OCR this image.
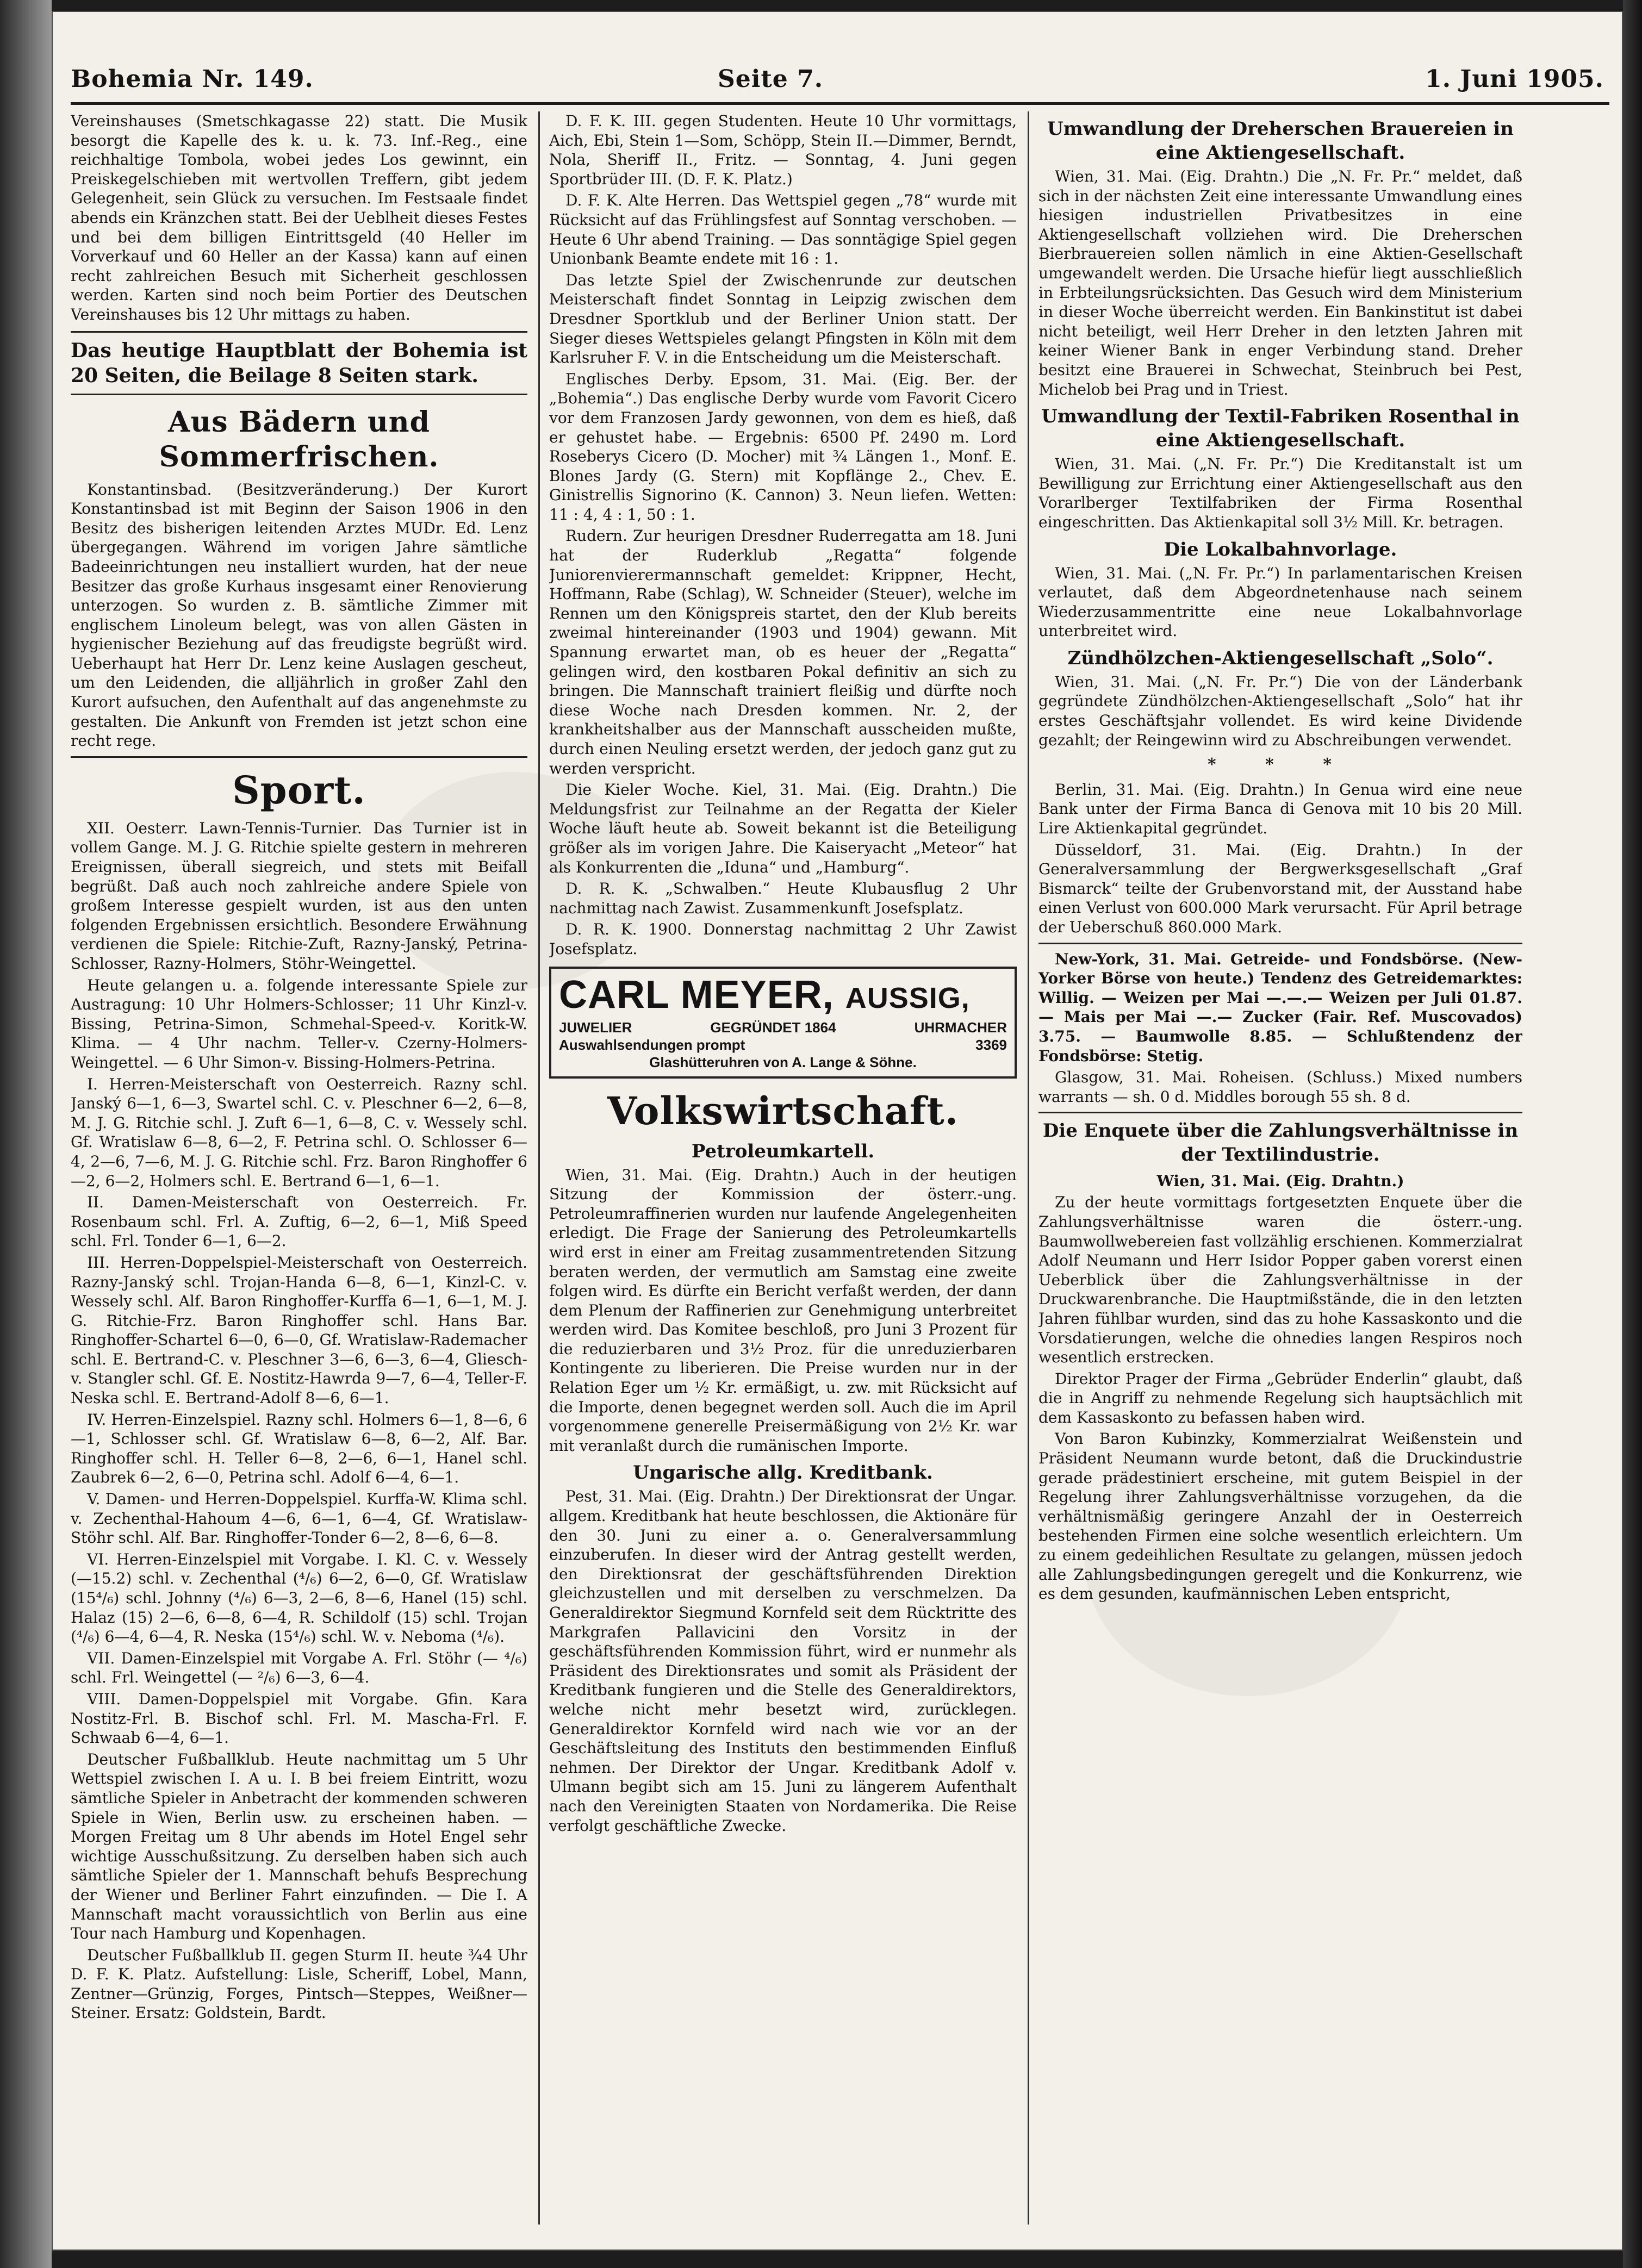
Bohemia Nr. 149.	Seite 7.	1. Juni 1905.

Vereinshauses (Smetschkagasse 22) statt. Die Musik besorgt die Kapelle des k. u. k. 73. Inf.-Reg., eine reichhaltige Tombola, wobei jedes Los gewinnt, ein Preiskegelschieben mit wertvollen Treffern, gibt jedem Gelegenheit, sein Glück zu versuchen. Im Festsaale findet abends ein Kränzchen statt. Bei der Ueblheit dieses Festes und bei dem billigen Eintrittsgeld (40 Heller im Vorverkauf und 60 Heller an der Kassa) kann auf einen recht zahlreichen Besuch mit Sicherheit geschlossen werden. Karten sind noch beim Portier des Deutschen Vereinshauses bis 12 Uhr mittags zu haben.

Das heutige Hauptblatt der Bohemia ist 20 Seiten, die Beilage 8 Seiten stark.
Aus Bädern und Sommerfrischen.

Konstantinsbad. (Besitzveränderung.) Der Kurort Konstantinsbad ist mit Beginn der Saison 1906 in den Besitz des bisherigen leitenden Arztes MUDr. Ed. Lenz übergegangen. Während im vorigen Jahre sämtliche Badeeinrichtungen neu installiert wurden, hat der neue Besitzer das große Kurhaus insgesamt einer Renovierung unterzogen. So wurden z. B. sämtliche Zimmer mit englischem Linoleum belegt, was von allen Gästen in hygienischer Beziehung auf das freudigste begrüßt wird. Ueberhaupt hat Herr Dr. Lenz keine Auslagen gescheut, um den Leidenden, die alljährlich in großer Zahl den Kurort aufsuchen, den Aufenthalt auf das angenehmste zu gestalten. Die Ankunft von Fremden ist jetzt schon eine recht rege.

Sport.

XII. Oesterr. Lawn-Tennis-Turnier. Das Turnier ist in vollem Gange. M. J. G. Ritchie spielte gestern in mehreren Ereignissen, überall siegreich, und stets mit Beifall begrüßt. Daß auch noch zahlreiche andere Spiele von großem Interesse gespielt wurden, ist aus den unten folgenden Ergebnissen ersichtlich. Besondere Erwähnung verdienen die Spiele: Ritchie-Zuft, Razny-Janský, Petrina-Schlosser, Razny-Holmers, Stöhr-Weingettel.

Heute gelangen u. a. folgende interessante Spiele zur Austragung: 10 Uhr Holmers-Schlosser; 11 Uhr Kinzl-v. Bissing, Petrina-Simon, Schmehal-Speed-v. Koritk-W. Klima. — 4 Uhr nachm. Teller-v. Czerny-Holmers-Weingettel. — 6 Uhr Simon-v. Bissing-Holmers-Petrina.

I. Herren-Meisterschaft von Oesterreich. Razny schl. Janský 6—1, 6—3, Swartel schl. C. v. Pleschner 6—2, 6—8, M. J. G. Ritchie schl. J. Zuft 6—1, 6—8, C. v. Wessely schl. Gf. Wratislaw 6—8, 6—2, F. Petrina schl. O. Schlosser 6—4, 2—6, 7—6, M. J. G. Ritchie schl. Frz. Baron Ringhoffer 6—2, 6—2, Holmers schl. E. Bertrand 6—1, 6—1.

II. Damen-Meisterschaft von Oesterreich. Fr. Rosenbaum schl. Frl. A. Zuftig, 6—2, 6—1, Miß Speed schl. Frl. Tonder 6—1, 6—2.

III. Herren-Doppelspiel-Meisterschaft von Oesterreich. Razny-Janský schl. Trojan-Handa 6—8, 6—1, Kinzl-C. v. Wessely schl. Alf. Baron Ringhoffer-Kurffa 6—1, 6—1, M. J. G. Ritchie-Frz. Baron Ringhoffer schl. Hans Bar. Ringhoffer-Schartel 6—0, 6—0, Gf. Wratislaw-Rademacher schl. E. Bertrand-C. v. Pleschner 3—6, 6—3, 6—4, Gliesch-v. Stangler schl. Gf. E. Nostitz-Hawrda 9—7, 6—4, Teller-F. Neska schl. E. Bertrand-Adolf 8—6, 6—1.

IV. Herren-Einzelspiel. Razny schl. Holmers 6—1, 8—6, 6—1, Schlosser schl. Gf. Wratislaw 6—8, 6—2, Alf. Bar. Ringhoffer schl. H. Teller 6—8, 2—6, 6—1, Hanel schl. Zaubrek 6—2, 6—0, Petrina schl. Adolf 6—4, 6—1.

V. Damen- und Herren-Doppelspiel. Kurffa-W. Klima schl. v. Zechenthal-Hahoum 4—6, 6—1, 6—4, Gf. Wratislaw-Stöhr schl. Alf. Bar. Ringhoffer-Tonder 6—2, 8—6, 6—8.

VI. Herren-Einzelspiel mit Vorgabe. I. Kl. C. v. Wessely (—15.2) schl. v. Zechenthal (⁴/₆) 6—2, 6—0, Gf. Wratislaw (15⁴/₆) schl. Johnny (⁴/₆) 6—3, 2—6, 8—6, Hanel (15) schl. Halaz (15) 2—6, 6—8, 6—4, R. Schildolf (15) schl. Trojan (⁴/₆) 6—4, 6—4, R. Neska (15⁴/₆) schl. W. v. Neboma (⁴/₆).

VII. Damen-Einzelspiel mit Vorgabe A. Frl. Stöhr (— ⁴/₆) schl. Frl. Weingettel (— ²/₆) 6—3, 6—4.

VIII. Damen-Doppelspiel mit Vorgabe. Gfin. Kara Nostitz-Frl. B. Bischof schl. Frl. M. Mascha-Frl. F. Schwaab 6—4, 6—1.

Deutscher Fußballklub. Heute nachmittag um 5 Uhr Wettspiel zwischen I. A u. I. B bei freiem Eintritt, wozu sämtliche Spieler in Anbetracht der kommenden schweren Spiele in Wien, Berlin usw. zu erscheinen haben. — Morgen Freitag um 8 Uhr abends im Hotel Engel sehr wichtige Ausschußsitzung. Zu derselben haben sich auch sämtliche Spieler der 1. Mannschaft behufs Besprechung der Wiener und Berliner Fahrt einzufinden. — Die I. A Mannschaft macht voraussichtlich von Berlin aus eine Tour nach Hamburg und Kopenhagen.

Deutscher Fußballklub II. gegen Sturm II. heute ¾4 Uhr D. F. K. Platz. Aufstellung: Lisle, Scheriff, Lobel, Mann, Zentner—Grünzig, Forges, Pintsch—Steppes, Weißner—Steiner. Ersatz: Goldstein, Bardt.

D. F. K. III. gegen Studenten. Heute 10 Uhr vormittags, Aich, Ebi, Stein 1—Som, Schöpp, Stein II.—Dimmer, Berndt, Nola, Sheriff II., Fritz. — Sonntag, 4. Juni gegen Sportbrüder III. (D. F. K. Platz.)

D. F. K. Alte Herren. Das Wettspiel gegen „78“ wurde mit Rücksicht auf das Frühlingsfest auf Sonntag verschoben. — Heute 6 Uhr abend Training. — Das sonntägige Spiel gegen Unionbank Beamte endete mit 16 : 1.

Das letzte Spiel der Zwischenrunde zur deutschen Meisterschaft findet Sonntag in Leipzig zwischen dem Dresdner Sportklub und der Berliner Union statt. Der Sieger dieses Wettspieles gelangt Pfingsten in Köln mit dem Karlsruher F. V. in die Entscheidung um die Meisterschaft.

Englisches Derby. Epsom, 31. Mai. (Eig. Ber. der „Bohemia“.) Das englische Derby wurde vom Favorit Cicero vor dem Franzosen Jardy gewonnen, von dem es hieß, daß er gehustet habe. — Ergebnis: 6500 Pf. 2490 m. Lord Roseberys Cicero (D. Mocher) mit ¾ Längen 1., Monf. E. Blones Jardy (G. Stern) mit Kopflänge 2., Chev. E. Ginistrellis Signorino (K. Cannon) 3. Neun liefen. Wetten: 11 : 4, 4 : 1, 50 : 1.

Rudern. Zur heurigen Dresdner Ruderregatta am 18. Juni hat der Ruderklub „Regatta“ folgende Juniorenvierermannschaft gemeldet: Krippner, Hecht, Hoffmann, Rabe (Schlag), W. Schneider (Steuer), welche im Rennen um den Königspreis startet, den der Klub bereits zweimal hintereinander (1903 und 1904) gewann. Mit Spannung erwartet man, ob es heuer der „Regatta“ gelingen wird, den kostbaren Pokal definitiv an sich zu bringen. Die Mannschaft trainiert fleißig und dürfte noch diese Woche nach Dresden kommen. Nr. 2, der krankheitshalber aus der Mannschaft ausscheiden mußte, durch einen Neuling ersetzt werden, der jedoch ganz gut zu werden verspricht.

Die Kieler Woche. Kiel, 31. Mai. (Eig. Drahtn.) Die Meldungsfrist zur Teilnahme an der Regatta der Kieler Woche läuft heute ab. Soweit bekannt ist die Beteiligung größer als im vorigen Jahre. Die Kaiseryacht „Meteor“ hat als Konkurrenten die „Iduna“ und „Hamburg“.

D. R. K. „Schwalben.“ Heute Klubausflug 2 Uhr nachmittag nach Zawist. Zusammenkunft Josefsplatz.

D. R. K. 1900. Donnerstag nachmittag 2 Uhr Zawist Josefsplatz.

CARL MEYER, AUSSIG,
JUWELIER	GEGRÜNDET 1864	UHRMACHER
Auswahlsendungen prompt	3369
Glashütteruhren von A. Lange & Söhne.
Volkswirtschaft.
Petroleumkartell.

Wien, 31. Mai. (Eig. Drahtn.) Auch in der heutigen Sitzung der Kommission der österr.-ung. Petroleumraffinerien wurden nur laufende Angelegenheiten erledigt. Die Frage der Sanierung des Petroleumkartells wird erst in einer am Freitag zusammentretenden Sitzung beraten werden, der vermutlich am Samstag eine zweite folgen wird. Es dürfte ein Bericht verfaßt werden, der dann dem Plenum der Raffinerien zur Genehmigung unterbreitet werden wird. Das Komitee beschloß, pro Juni 3 Prozent für die reduzierbaren und 3½ Proz. für die unreduzierbaren Kontingente zu liberieren. Die Preise wurden nur in der Relation Eger um ½ Kr. ermäßigt, u. zw. mit Rücksicht auf die Importe, denen begegnet werden soll. Auch die im April vorgenommene generelle Preisermäßigung von 2½ Kr. war mit veranlaßt durch die rumänischen Importe.

Ungarische allg. Kreditbank.

Pest, 31. Mai. (Eig. Drahtn.) Der Direktionsrat der Ungar. allgem. Kreditbank hat heute beschlossen, die Aktionäre für den 30. Juni zu einer a. o. Generalversammlung einzuberufen. In dieser wird der Antrag gestellt werden, den Direktionsrat der geschäftsführenden Direktion gleichzustellen und mit derselben zu verschmelzen. Da Generaldirektor Siegmund Kornfeld seit dem Rücktritte des Markgrafen Pallavicini den Vorsitz in der geschäftsführenden Kommission führt, wird er nunmehr als Präsident des Direktionsrates und somit als Präsident der Kreditbank fungieren und die Stelle des Generaldirektors, welche nicht mehr besetzt wird, zurücklegen. Generaldirektor Kornfeld wird nach wie vor an der Geschäftsleitung des Instituts den bestimmenden Einfluß nehmen. Der Direktor der Ungar. Kreditbank Adolf v. Ulmann begibt sich am 15. Juni zu längerem Aufenthalt nach den Vereinigten Staaten von Nordamerika. Die Reise verfolgt geschäftliche Zwecke.

Umwandlung der Dreherschen Brauereien in eine Aktiengesellschaft.

Wien, 31. Mai. (Eig. Drahtn.) Die „N. Fr. Pr.“ meldet, daß sich in der nächsten Zeit eine interessante Umwandlung eines hiesigen industriellen Privatbesitzes in eine Aktiengesellschaft vollziehen wird. Die Dreherschen Bierbrauereien sollen nämlich in eine Aktien-Gesellschaft umgewandelt werden. Die Ursache hiefür liegt ausschließlich in Erbteilungsrücksichten. Das Gesuch wird dem Ministerium in dieser Woche überreicht werden. Ein Bankinstitut ist dabei nicht beteiligt, weil Herr Dreher in den letzten Jahren mit keiner Wiener Bank in enger Verbindung stand. Dreher besitzt eine Brauerei in Schwechat, Steinbruch bei Pest, Michelob bei Prag und in Triest.

Umwandlung der Textil-Fabriken Rosenthal in eine Aktiengesellschaft.

Wien, 31. Mai. („N. Fr. Pr.“) Die Kreditanstalt ist um Bewilligung zur Errichtung einer Aktiengesellschaft aus den Vorarlberger Textilfabriken der Firma Rosenthal eingeschritten. Das Aktienkapital soll 3½ Mill. Kr. betragen.

Die Lokalbahnvorlage.

Wien, 31. Mai. („N. Fr. Pr.“) In parlamentarischen Kreisen verlautet, daß dem Abgeordnetenhause nach seinem Wiederzusammentritte eine neue Lokalbahnvorlage unterbreitet wird.

Zündhölzchen-Aktiengesellschaft „Solo“.

Wien, 31. Mai. („N. Fr. Pr.“) Die von der Länderbank gegründete Zündhölzchen-Aktiengesellschaft „Solo“ hat ihr erstes Geschäftsjahr vollendet. Es wird keine Dividende gezahlt; der Reingewinn wird zu Abschreibungen verwendet.

* * *

Berlin, 31. Mai. (Eig. Drahtn.) In Genua wird eine neue Bank unter der Firma Banca di Genova mit 10 bis 20 Mill. Lire Aktienkapital gegründet.

Düsseldorf, 31. Mai. (Eig. Drahtn.) In der Generalversammlung der Bergwerksgesellschaft „Graf Bismarck“ teilte der Grubenvorstand mit, der Ausstand habe einen Verlust von 600.000 Mark verursacht. Für April betrage der Ueberschuß 860.000 Mark.

New-York, 31. Mai. Getreide- und Fondsbörse. (New-Yorker Börse von heute.) Tendenz des Getreidemarktes: Willig. — Weizen per Mai —.—.— Weizen per Juli 01.87. — Mais per Mai —.— Zucker (Fair. Ref. Muscovados) 3.75. — Baumwolle 8.85. — Schlußtendenz der Fondsbörse: Stetig.

Glasgow, 31. Mai. Roheisen. (Schluss.) Mixed numbers warrants — sh. 0 d. Middles borough 55 sh. 8 d.

Die Enquete über die Zahlungsverhältnisse in der Textilindustrie.
Wien, 31. Mai. (Eig. Drahtn.)

Zu der heute vormittags fortgesetzten Enquete über die Zahlungsverhältnisse waren die österr.-ung. Baumwollwebereien fast vollzählig erschienen. Kommerzialrat Adolf Neumann und Herr Isidor Popper gaben vorerst einen Ueberblick über die Zahlungsverhältnisse in der Druckwarenbranche. Die Hauptmißstände, die in den letzten Jahren fühlbar wurden, sind das zu hohe Kassaskonto und die Vorsdatierungen, welche die ohnedies langen Respiros noch wesentlich erstrecken.

Direktor Prager der Firma „Gebrüder Enderlin“ glaubt, daß die in Angriff zu nehmende Regelung sich hauptsächlich mit dem Kassaskonto zu befassen haben wird.

Von Baron Kubinzky, Kommerzialrat Weißenstein und Präsident Neumann wurde betont, daß die Druckindustrie gerade prädestiniert erscheine, mit gutem Beispiel in der Regelung ihrer Zahlungsverhältnisse vorzugehen, da die verhältnismäßig geringere Anzahl der in Oesterreich bestehenden Firmen eine solche wesentlich erleichtern. Um zu einem gedeihlichen Resultate zu gelangen, müssen jedoch alle Zahlungsbedingungen geregelt und die Konkurrenz, wie es dem gesunden, kaufmännischen Leben entspricht,
